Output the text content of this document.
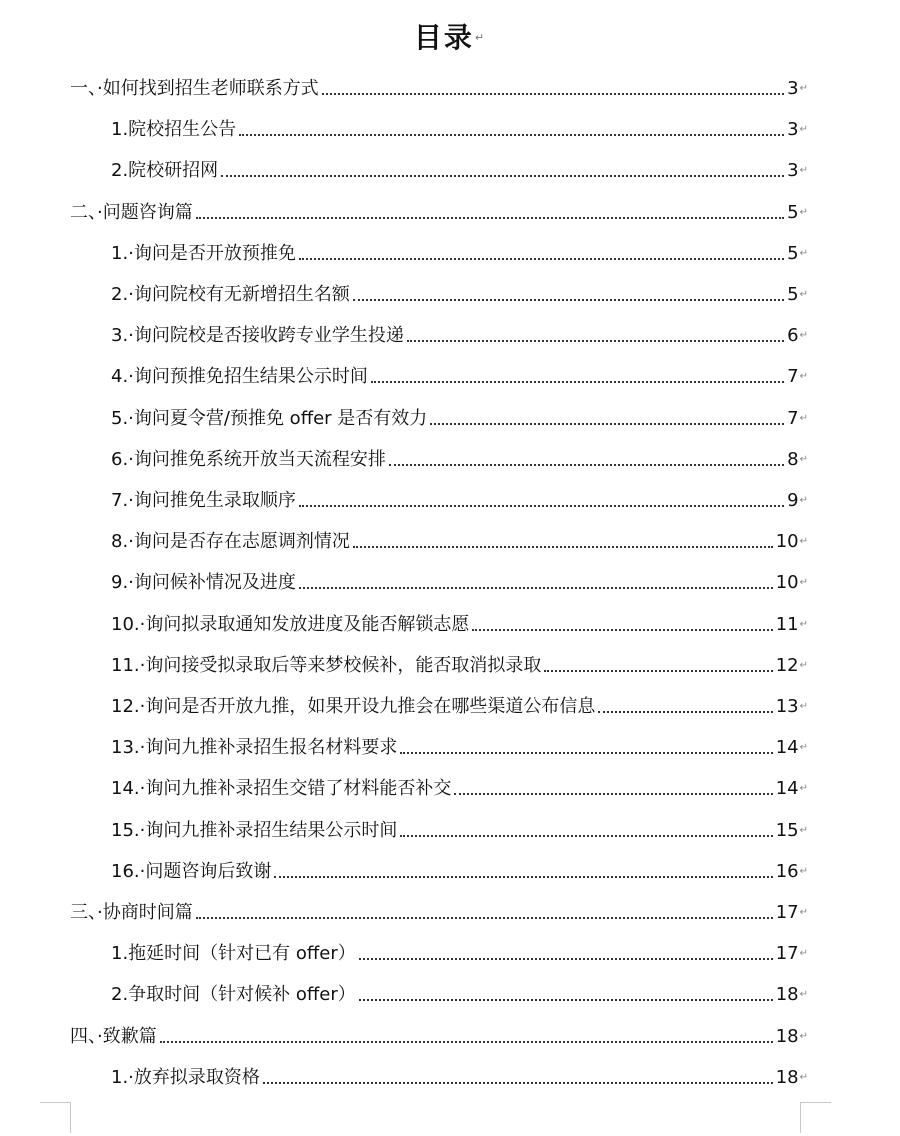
目录↵
一、·如何找到招生老师联系方式	3 ↵
1.院校招生公告	3 ↵
2.院校研招网	3 ↵
二、·问题咨询篇	5 ↵
1.·询问是否开放预推免	5 ↵
2.·询问院校有无新增招生名额	5 ↵
3.·询问院校是否接收跨专业学生投递	6 ↵
4.·询问预推免招生结果公示时间	7 ↵
5.·询问夏令营/预推免 offer 是否有效力	7 ↵
6.·询问推免系统开放当天流程安排	8 ↵
7.·询问推免生录取顺序	9 ↵
8.·询问是否存在志愿调剂情况	10 ↵
9.·询问候补情况及进度	10 ↵
10.·询问拟录取通知发放进度及能否解锁志愿	11 ↵
11.·询问接受拟录取后等来梦校候补，能否取消拟录取	12 ↵
12.·询问是否开放九推，如果开设九推会在哪些渠道公布信息	13 ↵
13.·询问九推补录招生报名材料要求	14 ↵
14.·询问九推补录招生交错了材料能否补交	14 ↵
15.·询问九推补录招生结果公示时间	15 ↵
16.·问题咨询后致谢	16 ↵
三、·协商时间篇	17 ↵
1.拖延时间（针对已有 offer）	17 ↵
2.争取时间（针对候补 offer）	18 ↵
四、·致歉篇	18 ↵
1.·放弃拟录取资格	18 ↵
